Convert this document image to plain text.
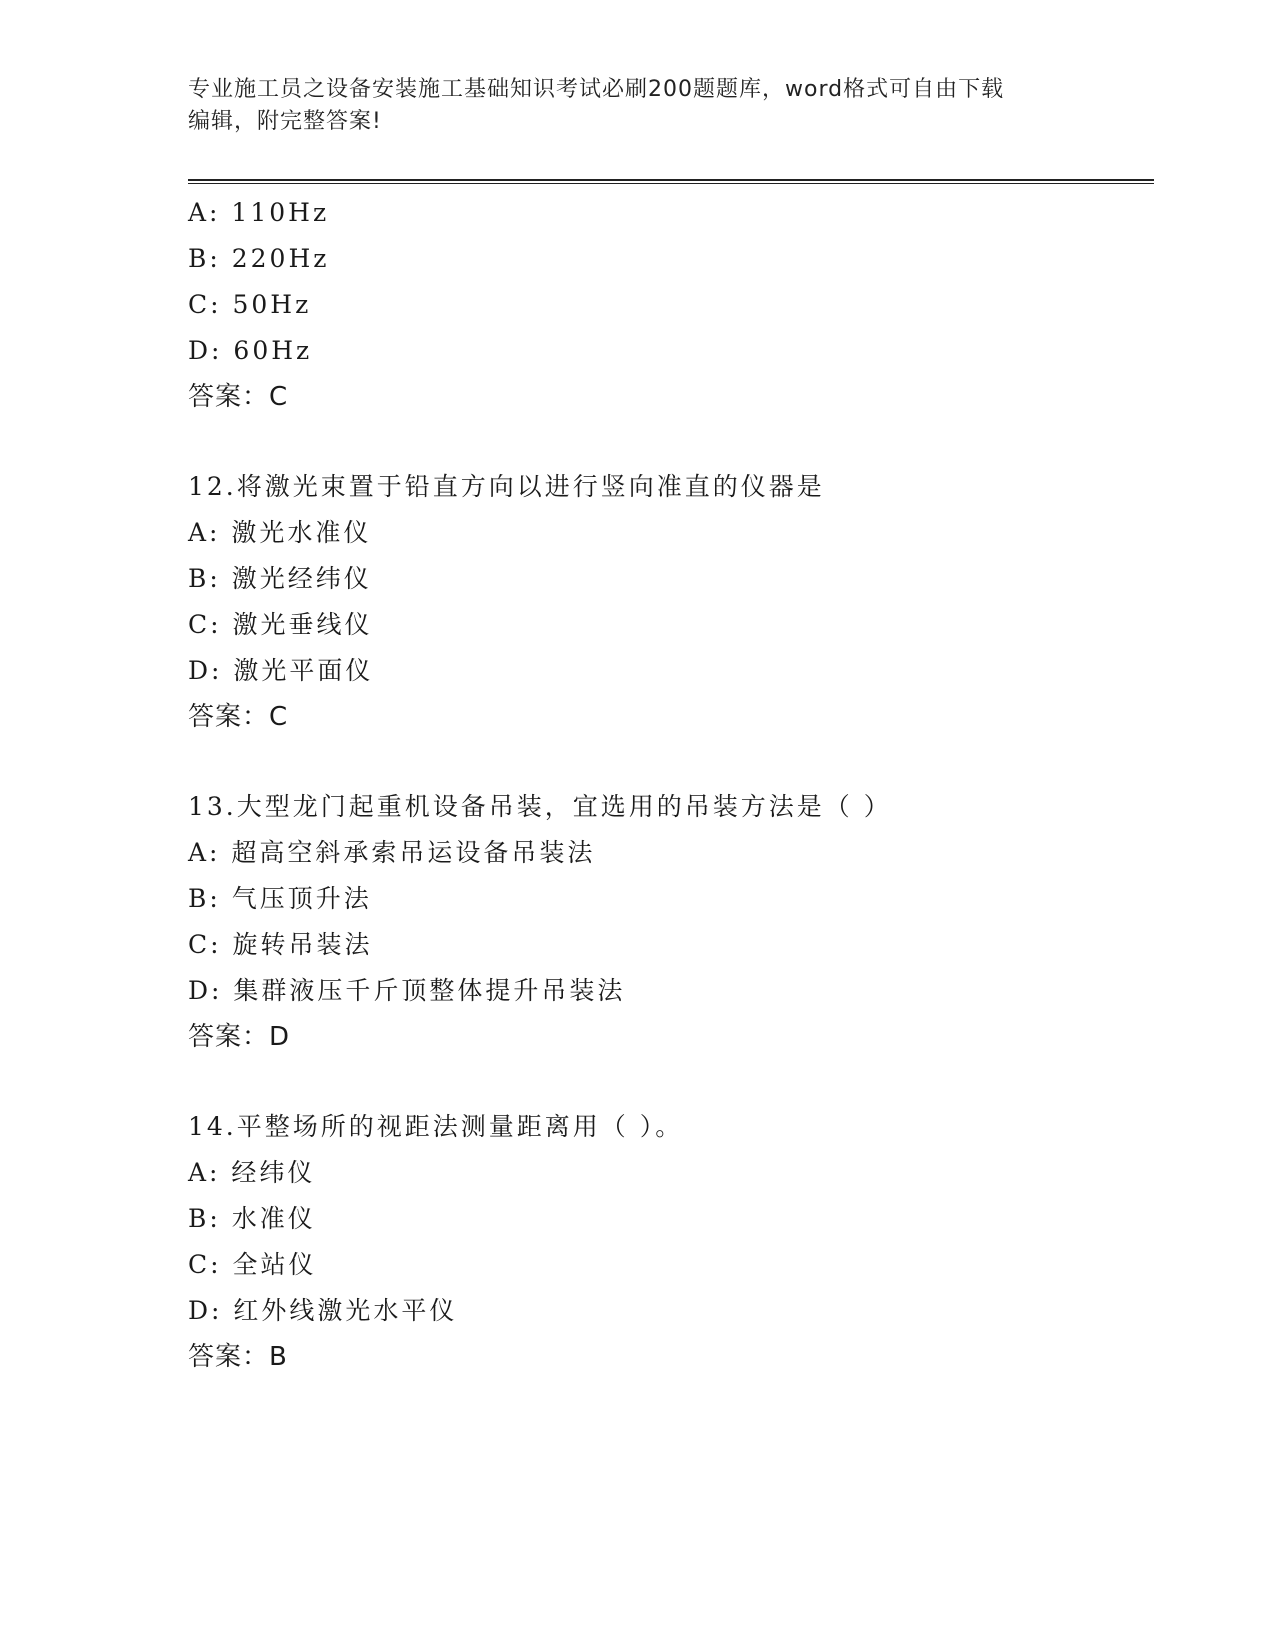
专业施工员之设备安装施工基础知识考试必刷200题题库，word格式可自由下载
编辑，附完整答案!
A: 110Hz
B: 220Hz
C: 50Hz
D: 60Hz
答案：C
12.将激光束置于铅直方向以进行竖向准直的仪器是
A: 激光水准仪
B: 激光经纬仪
C: 激光垂线仪
D: 激光平面仪
答案：C
13.大型龙门起重机设备吊装，宜选用的吊装方法是（ ）
A: 超高空斜承索吊运设备吊装法
B: 气压顶升法
C: 旋转吊装法
D: 集群液压千斤顶整体提升吊装法
答案：D
14.平整场所的视距法测量距离用（ ）。
A: 经纬仪
B: 水准仪
C: 全站仪
D: 红外线激光水平仪
答案：B
